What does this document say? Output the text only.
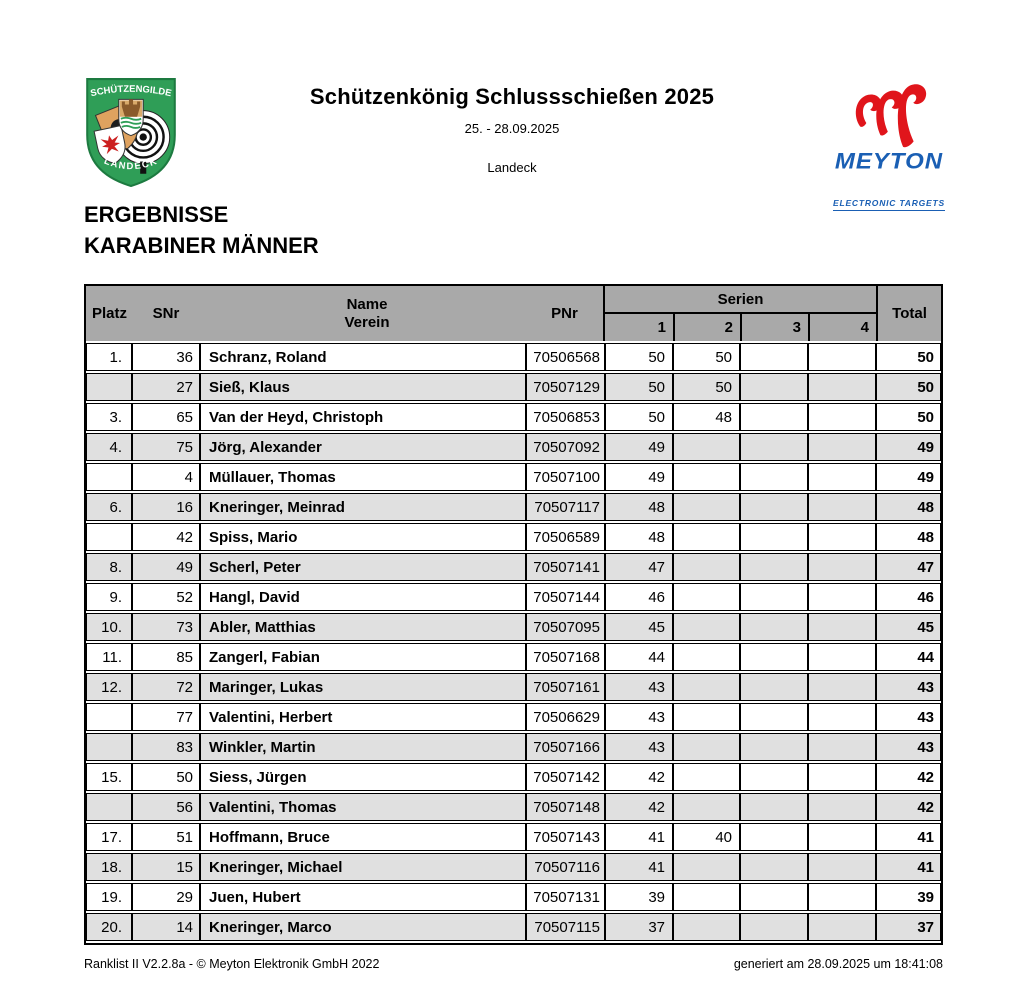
SCHÜTZENGILDE
LANDECK
Schützenkönig Schlussschießen 2025
25. - 28.09.2025
Landeck	MEYTON

ELECTRONIC TARGETS
ERGEBNISSE
KARABINER MÄNNER
Platz	SNr
Name
Verein	PNr
Serien
1	2	3	4
Total
1.	36	Schranz, Roland	70506568	50	50			50
	27	Sieß, Klaus	70507129	50	50			50
3.	65	Van der Heyd, Christoph	70506853	50	48			50
4.	75	Jörg, Alexander	70507092	49				49
	4	Müllauer, Thomas	70507100	49				49
6.	16	Kneringer, Meinrad	70507117	48				48
	42	Spiss, Mario	70506589	48				48
8.	49	Scherl, Peter	70507141	47				47
9.	52	Hangl, David	70507144	46				46
10.	73	Abler, Matthias	70507095	45				45
11.	85	Zangerl, Fabian	70507168	44				44
12.	72	Maringer, Lukas	70507161	43				43
	77	Valentini, Herbert	70506629	43				43
	83	Winkler, Martin	70507166	43				43
15.	50	Siess, Jürgen	70507142	42				42
	56	Valentini, Thomas	70507148	42				42
17.	51	Hoffmann, Bruce	70507143	41	40			41
18.	15	Kneringer, Michael	70507116	41				41
19.	29	Juen, Hubert	70507131	39				39
20.	14	Kneringer, Marco	70507115	37				37
Ranklist II V2.2.8a - © Meyton Elektronik GmbH 2022	generiert am 28.09.2025 um 18:41:08
